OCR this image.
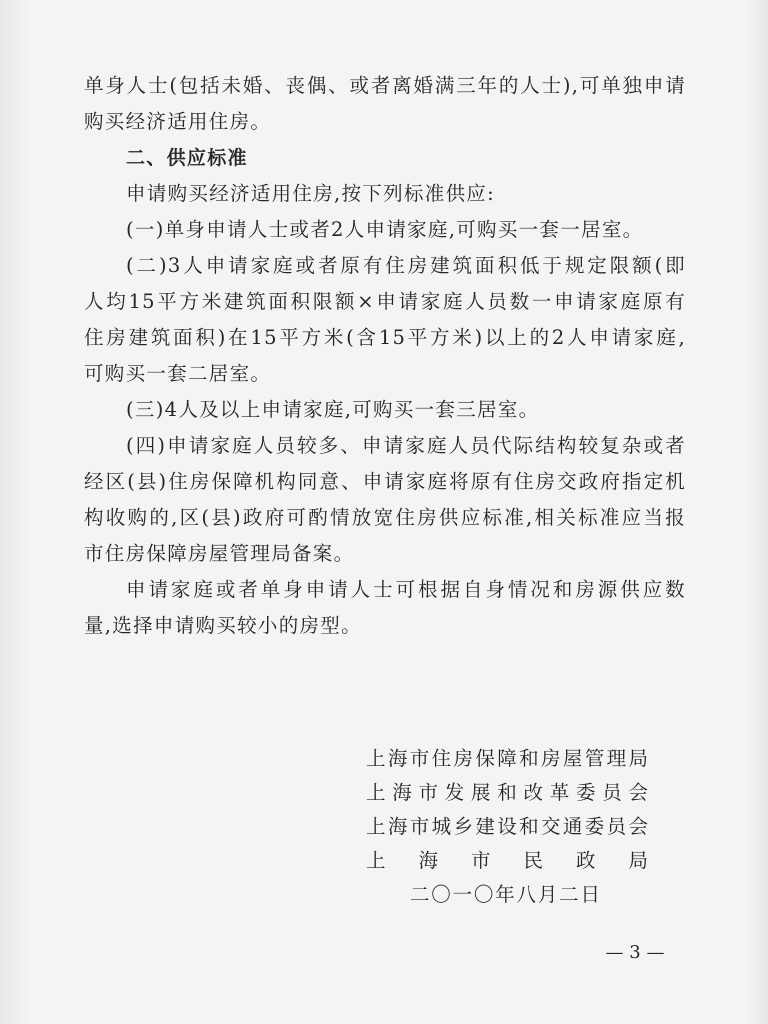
单身人士(包括未婚、丧偶、或者离婚满三年的人士),可单独申请
购买经济适用住房。
二、供应标准
申请购买经济适用住房,按下列标准供应:
(一)单身申请人士或者2人申请家庭,可购买一套一居室。
(二)3人申请家庭或者原有住房建筑面积低于规定限额(即
人均15平方米建筑面积限额×申请家庭人员数一申请家庭原有
住房建筑面积)在15平方米(含15平方米)以上的2人申请家庭,
可购买一套二居室。
(三)4人及以上申请家庭,可购买一套三居室。
(四)申请家庭人员较多、申请家庭人员代际结构较复杂或者
经区(县)住房保障机构同意、申请家庭将原有住房交政府指定机
构收购的,区(县)政府可酌情放宽住房供应标准,相关标准应当报
市住房保障房屋管理局备案。
申请家庭或者单身申请人士可根据自身情况和房源供应数
量,选择申请购买较小的房型。
上海市住房保障和房屋管理局
上海市发展和改革委员会
上海市城乡建设和交通委员会
上海市民政局
二〇一〇年八月二日
— 3 —
